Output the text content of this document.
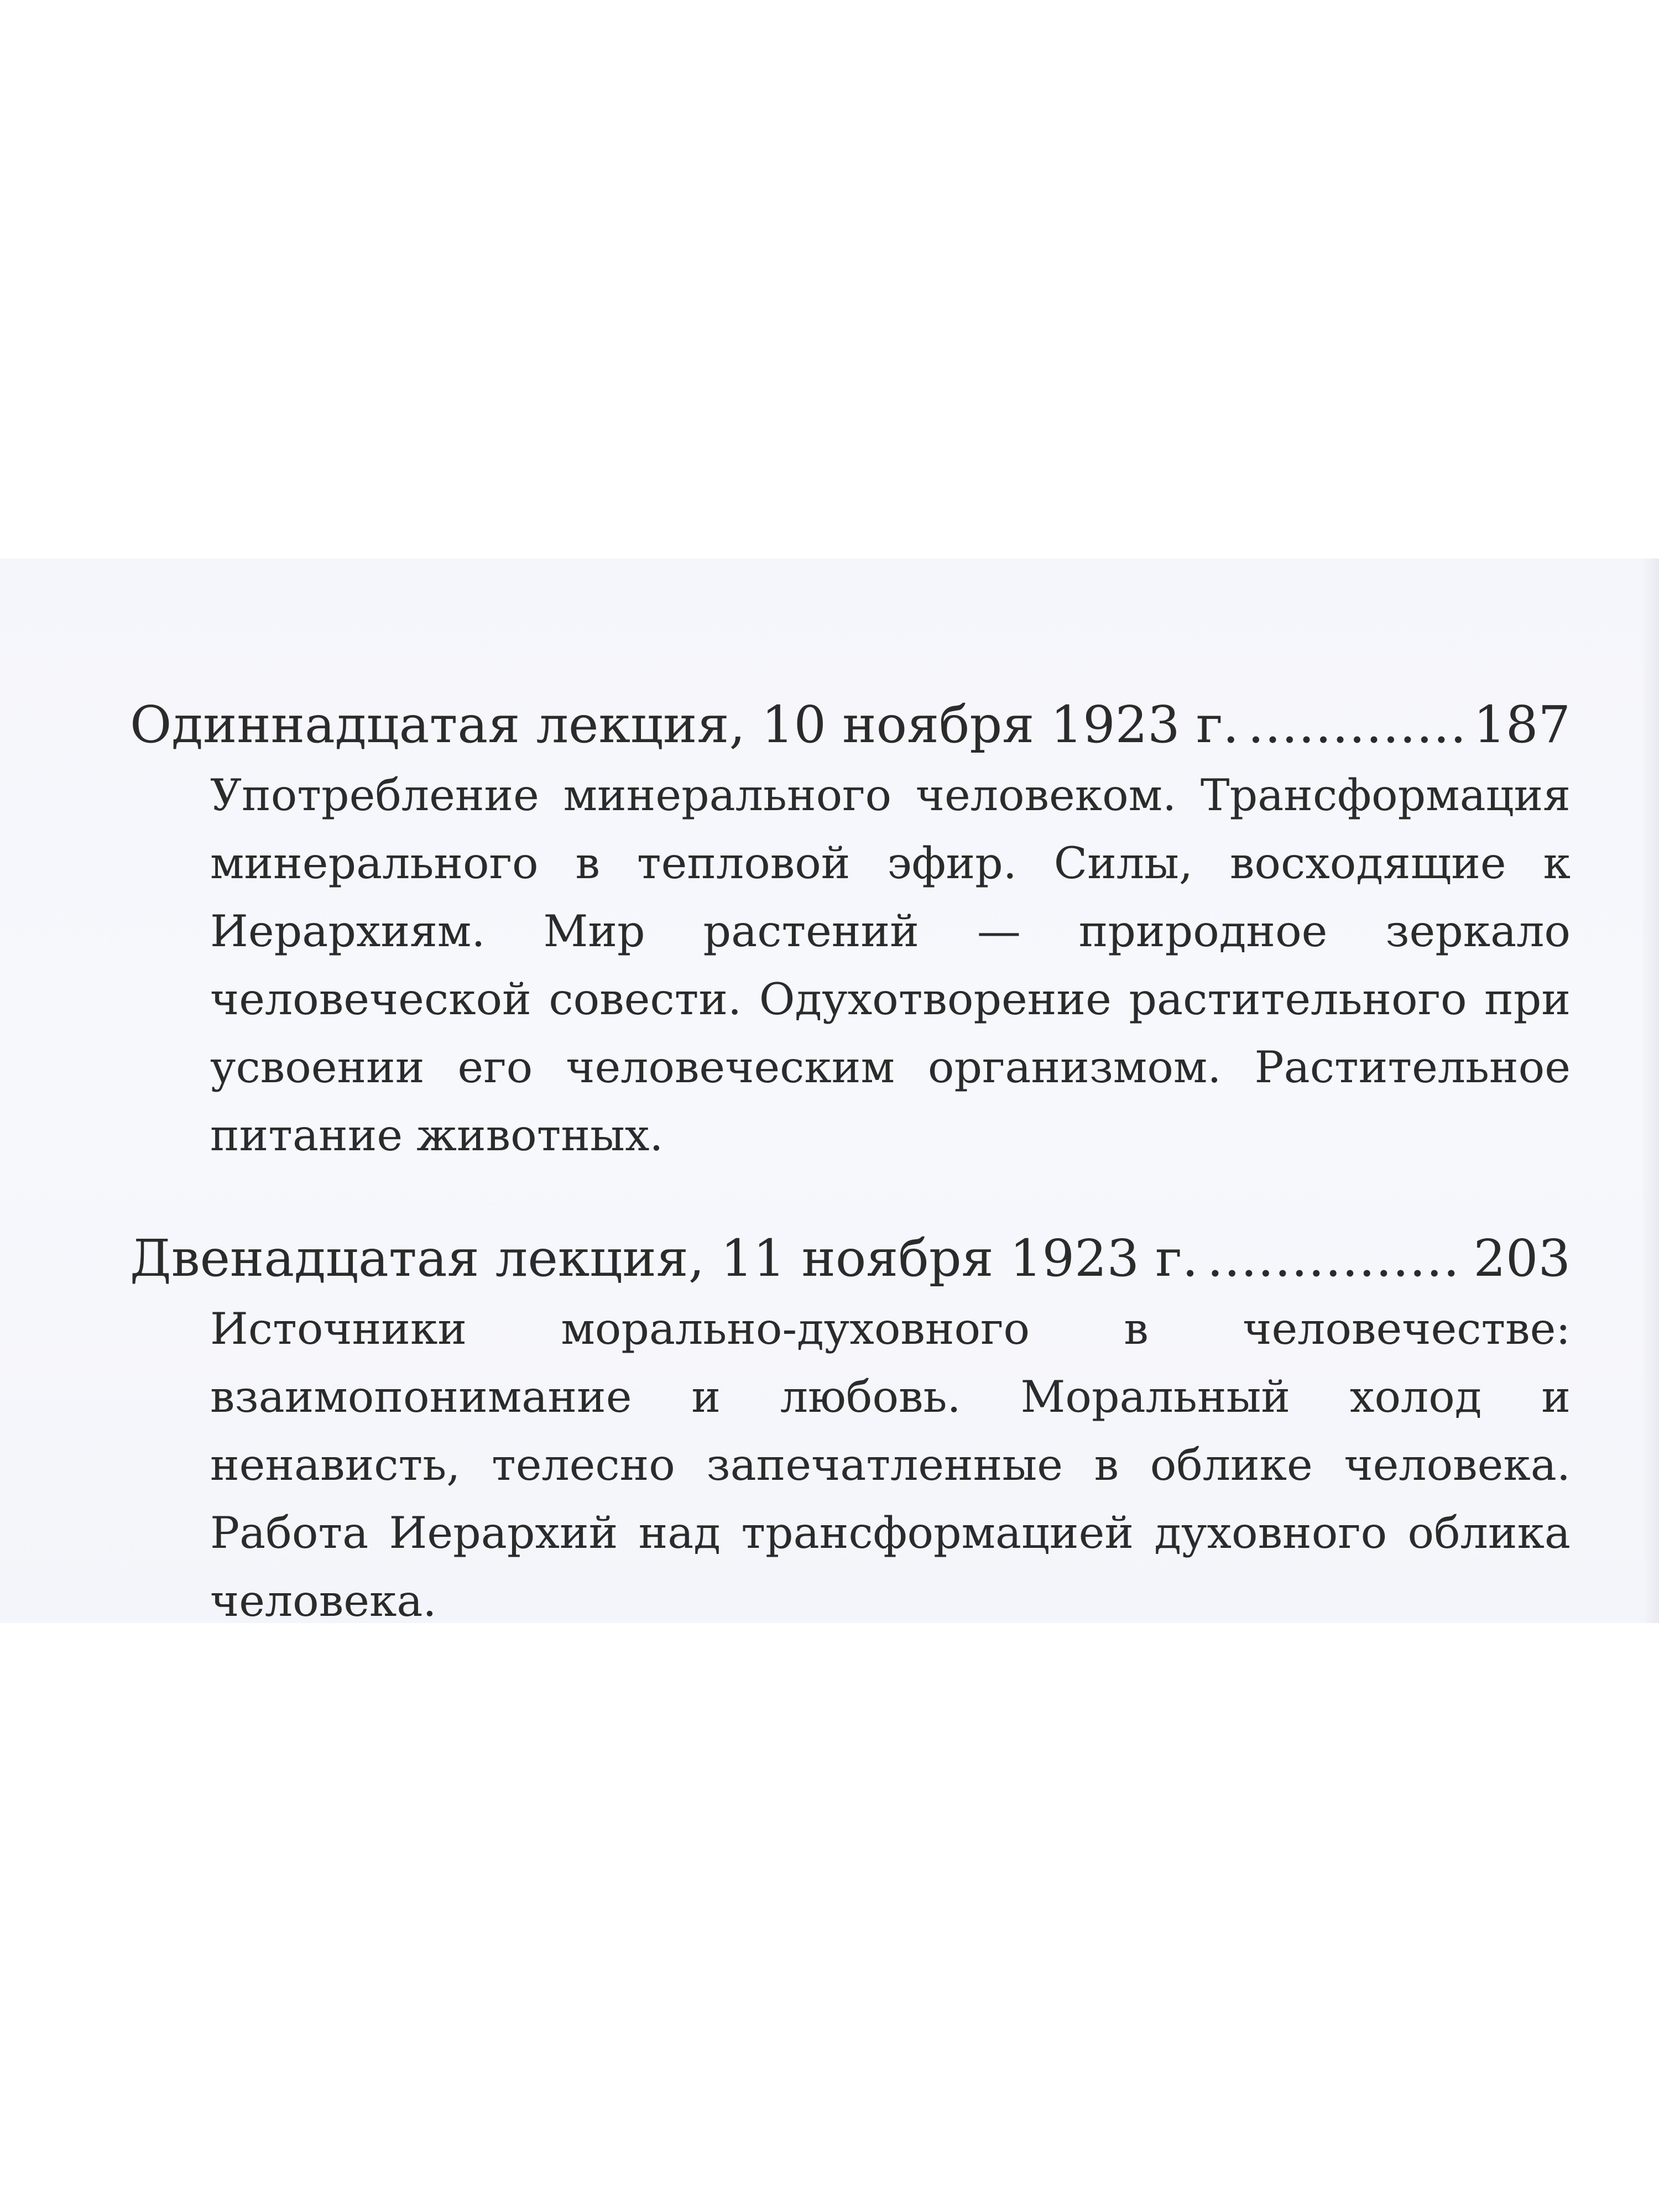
Одиннадцатая лекция, 10 ноября 1923 г. . . .	187
Употребление минерального человеком. Трансформация минерального в тепловой эфир. Силы, восходящие к Иерархиям. Мир растений — природное зеркало человеческой совести. Одухотворение растительного при усвоении его человеческим организмом. Растительное питание животных.
Двенадцатая лекция, 11 ноября 1923 г. . . .	203
Источники морально-духовного в человечестве: взаимопонимание и любовь. Моральный холод и ненависть, телесно запечатленные в облике человека. Работа Иерархий над трансформацией духовного облика человека.
